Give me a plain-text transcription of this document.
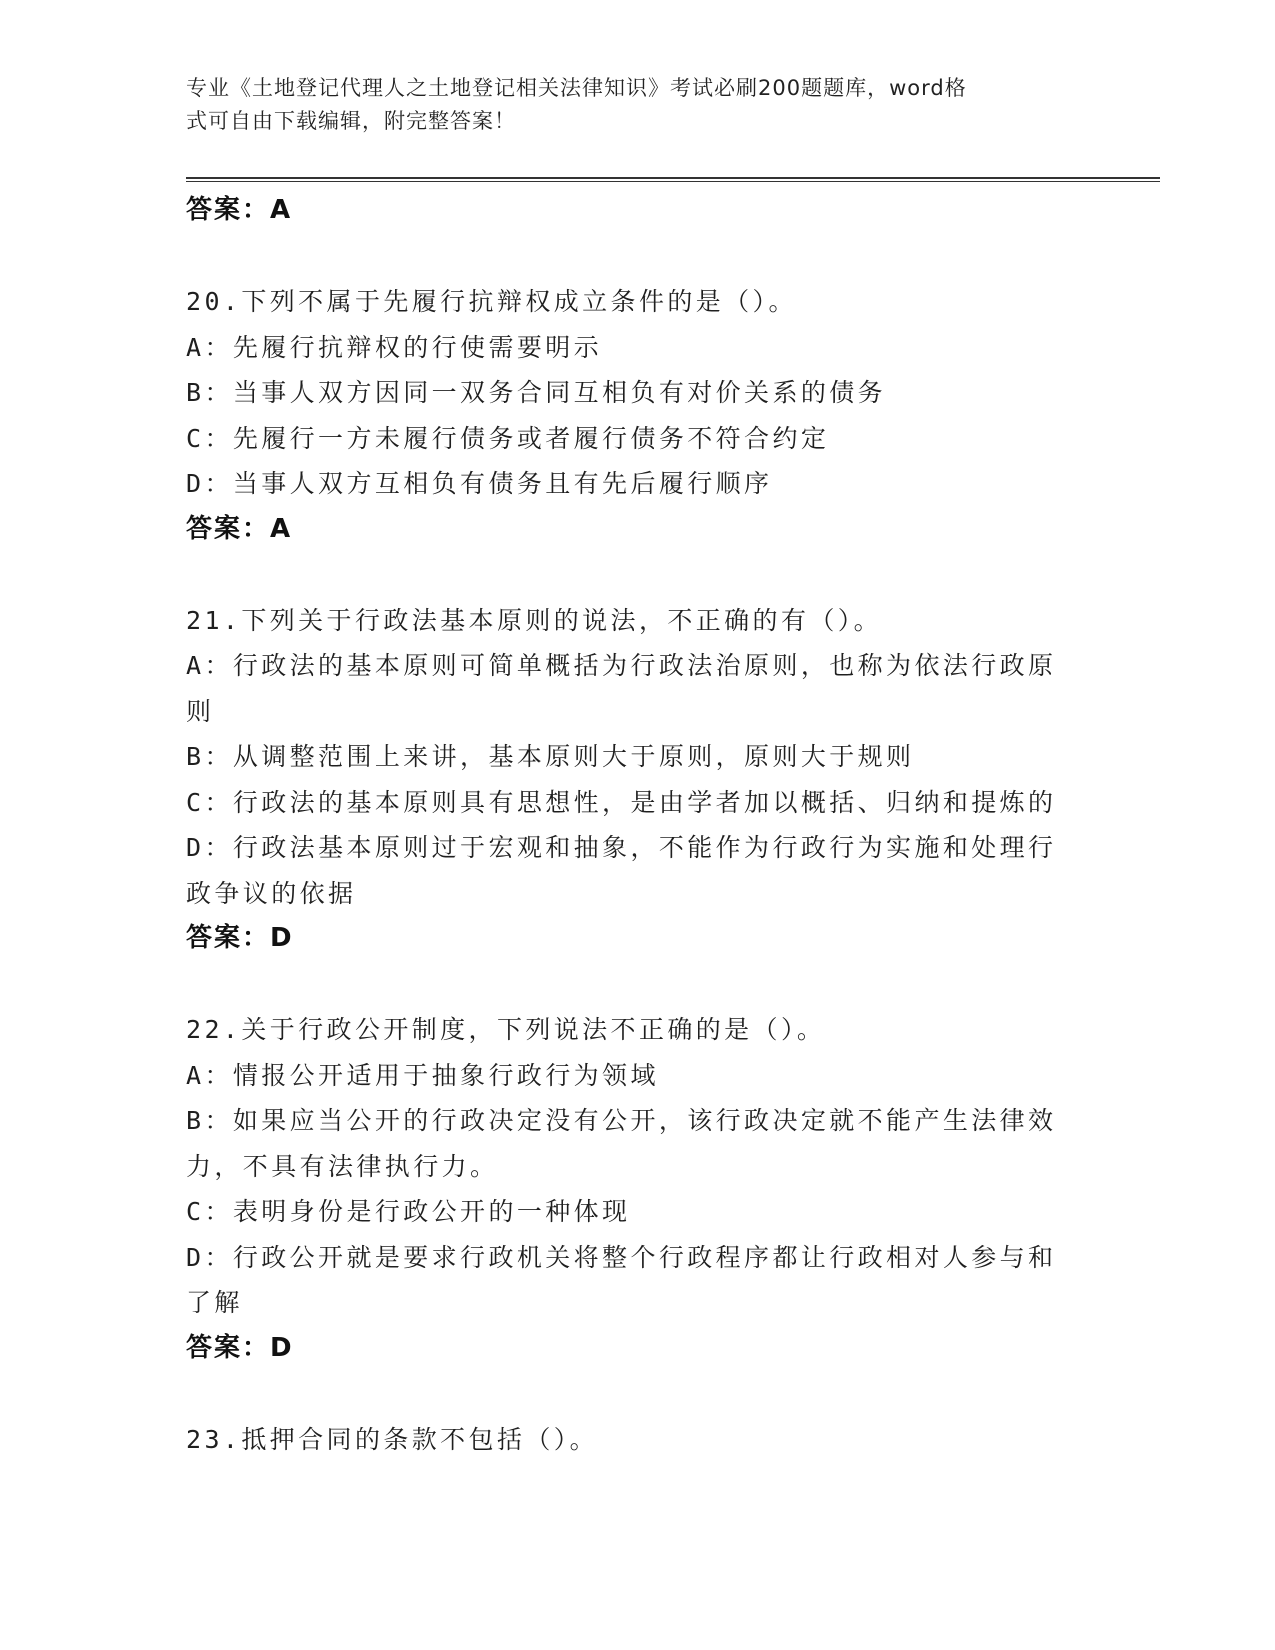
专业《土地登记代理人之土地登记相关法律知识》考试必刷200题题库，word格
式可自由下载编辑，附完整答案！
答案：A
20.下列不属于先履行抗辩权成立条件的是（）。
A：先履行抗辩权的行使需要明示
B：当事人双方因同一双务合同互相负有对价关系的债务
C：先履行一方未履行债务或者履行债务不符合约定
D：当事人双方互相负有债务且有先后履行顺序
答案：A
21.下列关于行政法基本原则的说法，不正确的有（）。
A：行政法的基本原则可简单概括为行政法治原则，也称为依法行政原
则
B：从调整范围上来讲，基本原则大于原则，原则大于规则
C：行政法的基本原则具有思想性，是由学者加以概括、归纳和提炼的
D：行政法基本原则过于宏观和抽象，不能作为行政行为实施和处理行
政争议的依据
答案：D
22.关于行政公开制度，下列说法不正确的是（）。
A：情报公开适用于抽象行政行为领域
B：如果应当公开的行政决定没有公开，该行政决定就不能产生法律效
力，不具有法律执行力。
C：表明身份是行政公开的一种体现
D：行政公开就是要求行政机关将整个行政程序都让行政相对人参与和
了解
答案：D
23.抵押合同的条款不包括（）。
